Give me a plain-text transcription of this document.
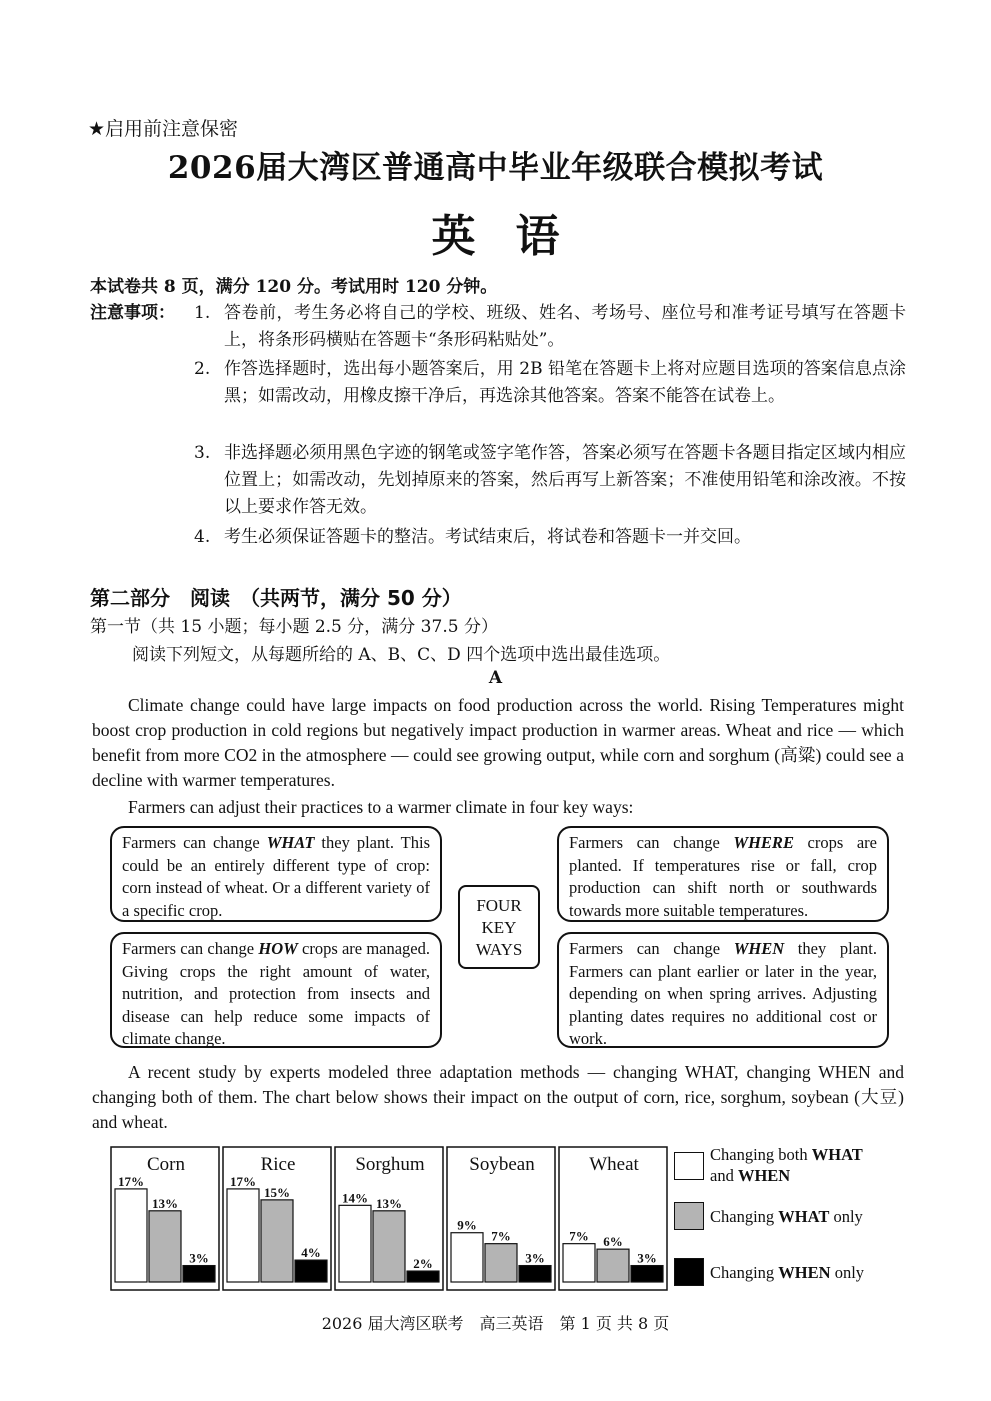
★启用前注意保密
2026届大湾区普通高中毕业年级联合模拟考试
英语
本试卷共 8 页，满分 120 分。考试用时 120 分钟。
注意事项： 1. 答卷前，考生务必将自己的学校、班级、姓名、考场号、座位号和准考证号填写在答题卡上，将条形码横贴在答题卡“条形码粘贴处”。
2. 作答选择题时，选出每小题答案后，用 2B 铅笔在答题卡上将对应题目选项的答案信息点涂黑；如需改动，用橡皮擦干净后，再选涂其他答案。答案不能答在试卷上。
3. 非选择题必须用黑色字迹的钢笔或签字笔作答，答案必须写在答题卡各题目指定区域内相应位置上；如需改动，先划掉原来的答案，然后再写上新答案；不准使用铅笔和涂改液。不按以上要求作答无效。
4. 考生必须保证答题卡的整洁。考试结束后，将试卷和答题卡一并交回。
第二部分　阅读　（共两节，满分 50 分）
第一节（共 15 小题；每小题 2.5 分，满分 37.5 分）
阅读下列短文，从每题所给的 A、B、C、D 四个选项中选出最佳选项。
A
Climate change could have large impacts on food production across the world. Rising Temperatures might boost crop production in cold regions but negatively impact production in warmer areas. Wheat and rice — which benefit from more CO2 in the atmosphere — could see growing output, while corn and sorghum (高粱) could see a decline with warmer temperatures.
Farmers can adjust their practices to a warmer climate in four key ways:
Farmers can change WHAT they plant. This could be an entirely different type of crop: corn instead of wheat. Or a different variety of a specific crop.
Farmers can change WHERE crops are planted. If temperatures rise or fall, crop production can shift north or southwards towards more suitable temperatures.
Farmers can change HOW crops are managed. Giving crops the right amount of water, nutrition, and protection from insects and disease can help reduce some impacts of climate change.
Farmers can change WHEN they plant. Farmers can plant earlier or later in the year, depending on when spring arrives. Adjusting planting dates requires no additional cost or work.
FOUR
KEY
WAYS
A recent study by experts modeled three adaptation methods — changing WHAT, changing WHEN and changing both of them. The chart below shows their impact on the output of corn, rice, sorghum, soybean (大豆) and wheat.
Corn
17%
13%
3%
Rice
17%
15%
4%
Sorghum
14% 13%
2%
Soybean
9%
7%
3%
Wheat
7% 6%
3%
Changing both WHAT
and WHEN
Changing WHAT only
Changing WHEN only
2026 届大湾区联考　高三英语　第 1 页 共 8 页
